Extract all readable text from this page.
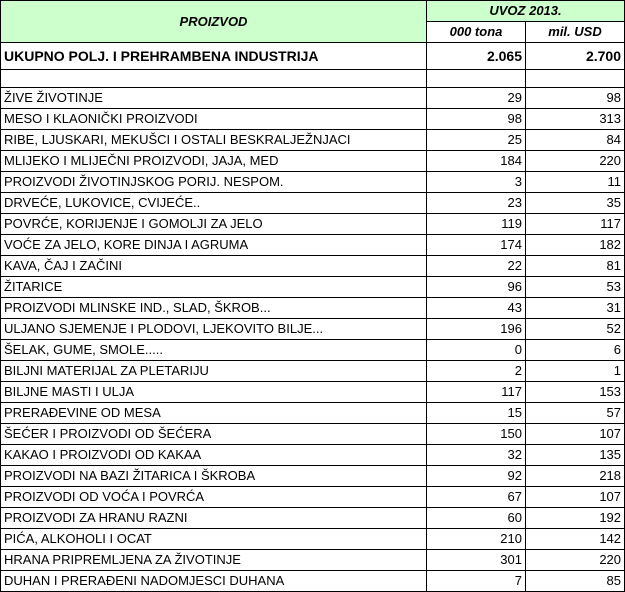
PROIZVOD	UVOZ 2013.	
	000 tona	mil. USD
UKUPNO POLJ. I PREHRAMBENA INDUSTRIJA	2.065	2.700

ŽIVE ŽIVOTINJE	29	98
MESO I KLAONIČKI PROIZVODI	98	313
RIBE, LJUSKARI, MEKUŠCI I OSTALI BESKRALJEŽNJACI	25	84
MLIJEKO I MLIJEČNI PROIZVODI, JAJA, MED	184	220
PROIZVODI ŽIVOTINJSKOG PORIJ. NESPOM.	3	11
DRVEĆE, LUKOVICE, CVIJEĆE..	23	35
POVRĆE, KORIJENJE I GOMOLJI ZA JELO	119	117
VOĆE ZA JELO, KORE DINJA I AGRUMA	174	182
KAVA, ČAJ I ZAČINI	22	81
ŽITARICE	96	53
PROIZVODI MLINSKE IND., SLAD, ŠKROB...	43	31
ULJANO SJEMENJE I PLODOVI, LJEKOVITO BILJE...	196	52
ŠELAK, GUME, SMOLE.....	0	6
BILJNI MATERIJAL ZA PLETARIJU	2	1
BILJNE MASTI I ULJA	117	153
PRERAĐEVINE OD MESA	15	57
ŠEĆER I PROIZVODI OD ŠEĆERA	150	107
KAKAO I PROIZVODI OD KAKAA	32	135
PROIZVODI NA BAZI ŽITARICA I ŠKROBA	92	218
PROIZVODI OD VOĆA I POVRĆA	67	107
PROIZVODI ZA HRANU RAZNI	60	192
PIĆA, ALKOHOLI I OCAT	210	142
HRANA PRIPREMLJENA ZA ŽIVOTINJE	301	220
DUHAN I PRERAĐENI NADOMJESCI DUHANA	7	85
